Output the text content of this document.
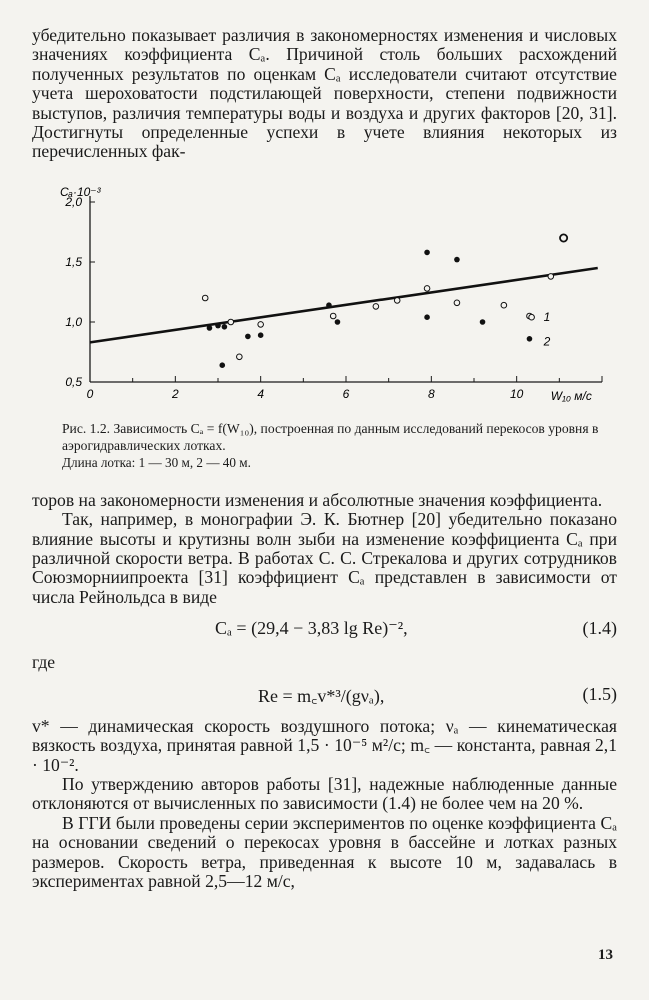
убедительно показывает различия в закономерностях изменения и числовых значениях коэффициента Cₐ. Причиной столь больших расхождений полученных результатов по оценкам Cₐ исследователи считают отсутствие учета шероховатости подстилающей поверхности, степени подвижности выступов, различия температуры воды и воздуха и других факторов [20, 31]. Достигнуты определенные успехи в учете влияния некоторых из перечисленных фак-

0	2	4	6	8	10
0,5
1,0
1,5
2,0
Cₐ·10⁻³
W₁₀ м/с
1
2

Рис. 1.2. Зависимость Cₐ = f(W₁₀), построенная по данным исследований перекосов уровня в аэрогидравлических лотках.

Длина лотка: 1 — 30 м, 2 — 40 м.

торов на закономерности изменения и абсолютные значения коэффициента.

Так, например, в монографии Э. К. Бютнер [20] убедительно показано влияние высоты и крутизны волн зыби на изменение коэффициента Cₐ при различной скорости ветра. В работах С. С. Стрекалова и других сотрудников Союзморниипроекта [31] коэффициент Cₐ представлен в зависимости от числа Рейнольдса в виде

Cₐ = (29,4 − 3,83 lg Re)⁻²,	(1.4)

где

Re = m꜀v*³/(gνₐ),	(1.5)

v* — динамическая скорость воздушного потока; νₐ — кинематическая вязкость воздуха, принятая равной 1,5 · 10⁻⁵ м²/с; m꜀ — константа, равная 2,1 · 10⁻².

По утверждению авторов работы [31], надежные наблюденные данные отклоняются от вычисленных по зависимости (1.4) не более чем на 20 %.

В ГГИ были проведены серии экспериментов по оценке коэффициента Cₐ на основании сведений о перекосах уровня в бассейне и лотках разных размеров. Скорость ветра, приведенная к высоте 10 м, задавалась в экспериментах равной 2,5—12 м/с,

13
